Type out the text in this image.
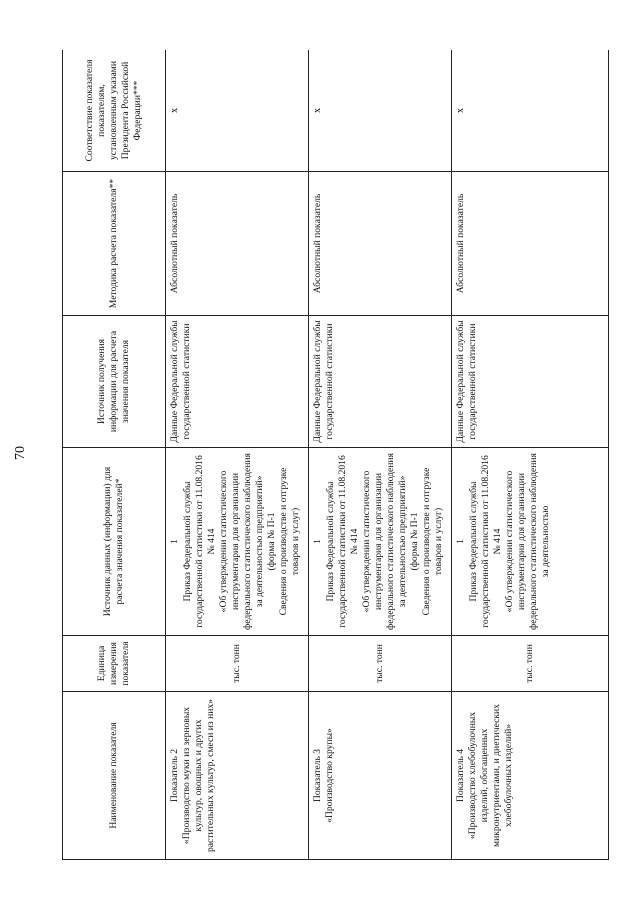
70
Наименование показателя	Единица измерения показателя	Источник данных (информации) для расчета значения показателей*	Источник получения информации для расчета значения показателя	Методика расчета показателя**	Соответствие показателя показателям, установленным указами Президента Российской Федерации***

Показатель 2 «Производство муки из зерновых культур, овощных и других растительных культур, смеси из них»	тыс. тонн	1 Приказ Федеральной службы государственной статистики от 11.08.2016 № 414 «Об утверждении статистического инструментария для организации федерального статистического наблюдения за деятельностью предприятий» (форма № П-1 Сведения о производстве и отгрузке товаров и услуг)	Данные Федеральной службы государственной статистики	Абсолютный показатель	x

Показатель 3 «Производство крупы»	тыс. тонн	1 Приказ Федеральной службы государственной статистики от 11.08.2016 № 414 «Об утверждении статистического инструментария для организации федерального статистического наблюдения за деятельностью предприятий» (форма № П-1 Сведения о производстве и отгрузке товаров и услуг)	Данные Федеральной службы государственной статистики	Абсолютный показатель	x

Показатель 4 «Производство хлебобулочных изделий, обогащенных микронутриентами, и диетических хлебобулочных изделий»	тыс. тонн	1 Приказ Федеральной службы государственной статистики от 11.08.2016 № 414 «Об утверждении статистического инструментария для организации федерального статистического наблюдения за деятельностью	Данные Федеральной службы государственной статистики	Абсолютный показатель	x
